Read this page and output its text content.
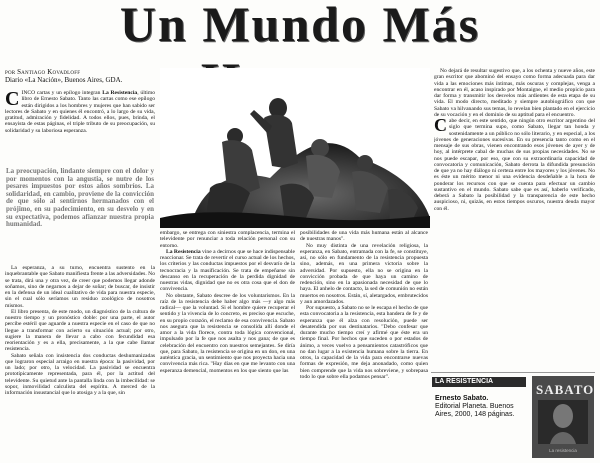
Un Mundo Más
por Santiago Kovadloff
Diario «La Nación», Buenos Aires, GDA.

CINCO cartas y un epílogo integran La Resistencia, último libro de Ernesto Sabato. Tanto las cartas como ese epílogo están dirigidos a los hombres y mujeres que han sabido ser lectores de Sabato y en quienes él encontró, a lo largo de su vida, gratitud, admiración y fidelidad. A todos ellos, pues, brinda, el ensayista de estas páginas, el triple tributo de su preocupación, su solidaridad y su laboriosa esperanza.

La preocupación, lindante siempre con el dolor y por momentos con la angustia, se nutre de los pesares impuestos por estos años sombríos. La solidaridad, en cambio, proviene de la convicción de que sólo al sentirnos hermanados con el prójimo, en su padecimiento, en su desvelo y en su expectativa, podemos afianzar nuestra propia humanidad.

La esperanza, a su turno, encuentra sustento en la inquebrantable que Sabato manifiesta frente a las adversidades. No se trata, dirá una y otra vez, de creer que podemos llegar adonde soñamos, sino de negarnos a dejar de soñar; de buscar, de insistir en la defensa de un ideal cualitativo de vida para nuestra especie, sin el cual sólo seríamos un residuo zoológico de nosotros mismos.

El libro presenta, de este modo, un diagnóstico de la cultura de nuestro tiempo y un pronóstico doble: por una parte, el autor percibe estéril que aguarde a nuestra especie en el caso de que no llegue a transformar con acierto su situación actual; por otro, sugiere la manera de llevar a cabo con fecundidad esa reorientación y es a ella, precisamente, a la que cabe llamar resistencia.

Sabato señala con insistencia dos conductas deshumanizadas que lograron especial arraigo en nuestra época: la pasividad, por un lado; por otro, la velocidad. La pasividad se encuentra prototípicamente representada, para él, por la actitud del televidente. Su quietud ante la pantalla linda con la imbecilidad: se sopor, inmovilidad calculista del espíritu. A merced de la información insustancial que lo atosiga y a la que, sin

embargo, se entrega con siniestra complacencia, termina el televidente por renunciar a toda relación personal con su entorno.

La Resistencia vine a decirnos que se hace indispensable reaccionar. Se trata de revertir el curso actual de los hechos, los criterios y las conductas impuestos por el desvarío de la tecnocracia y la masificación. Se trata de empeñarse sin descanso en la recuperación de la perdida dignidad de nuestras vidas, dignidad que no es otra cosa que el don de convivencia.

No obstante, Sabato descree de los voluntarismos. En la raíz de la resistencia debe haber algo más —y algo más radical— que la voluntad. Si el hombre quiere recuperar el sentido y la vivencia de lo concreto, es preciso que escuche, en su propio corazón, el reclamo de esa convivencia. Sabato nos asegura que la resistencia se consolida allí donde el amor a la vida florece, contra toda lógica convencional, impulsado por la fe que nos asalta y nos gana; de que es celebración del encuentro con nuestros semejantes. Se diría que, para Sabato, la resistencia se origina en un don, en una auténtica gracia, un sentimiento que nos proyecta hacia una convivencia más rica. "Hay días en que me levanto con una esperanza demencial, momentos en los que siento que las

posibilidades de una vida más humana están al alcance de nuestras manos".

No muy distinta de una revelación religiosa, la esperanza, en Sabato, entramada con la fe, se constituye, así, no sólo en fundamento de la resistencia propuesta sino, además, en una primera victoria sobre la adversidad. Por supuesto, ella no se origina en la convicción probada de que haya un camino de redención, sino en la apasionada necesidad de que lo haya. El anhelo de contacto, la sed de comunión no están muertos en nosotros. Están, sí, aletargados, embrutecidos y aun amordazados.

Por supuesto, a Sabato no se le escapa el hecho de que esta convocatoria a la resistencia, esta bandera de fe y de esperanza que él alza con resolución, puede ser desatendida por sus destinatarios. "Debo confesar que durante mucho tiempo creí y afirmé que éste era un tiempo final. Por hechos que suceden o por estados de ánimo, a veces vuelvo a pensamientos catastróficos que no dan lugar a la existencia humana sobre la tierra. En otros, la capacidad de la vida para encontrarse nuevas formas de expresión, me deja anonadado, como quien bien comprende que la vida nos sobreviene, y sobrepasa todo lo que sobre ella podamos pensar".

No dejará de resultar sugestivo que, a los ochenta y nueve años, este gran escritor que abominó del ensayo como forma adecuada para dar vida a las emociones más íntimas, más oscuras y complejas, venga a encontrar en él, acaso inspirado por Montaigne, el medio propicio para dar forma y transmitir los desvelos más ardientes de esta etapa de su vida. El modo directo, meditado y siempre autobiográfico con que Sabato va hilvanando sus temas, lo revelan bien plantado en el ejercicio de su vocación y en el dominio de su aptitud para el encuentro.

Cabe decir, en este sentido, que ningún otro escritor argentino del siglo que termina supo, como Sabato, llegar tan honda y sostenidamente a un público no sólo literario, y en especial, a los jóvenes de generaciones sucesivas. En su presencia tanto como en el mensaje de sus obras, vienen encontrando esos jóvenes de ayer y de hoy, al intérprete cabal de muchas de sus propias necesidades. No se nos puede escapar, por eso, que con su extraordinaria capacidad de convocatoria y comunicación, Sabato derrota la difundida presunción de que ya no hay diálogo ni certeza entre los mayores y los jóvenes. No es éste un mérito menor ni una evidencia desdeñable a la hora de ponderar los recursos con que se cuenta para efectuar un cambio sustantivo en el mundo. Sabato sabe que es así, haberlo verificado, deberá a Sabato la posibilidad y la transparencia de este hecho auspicioso, ni, quizás, en estos tiempos oscuros, nuestra deuda mayor con él.

LA RESISTENCIA
Ernesto Sabato.
Editorial Planeta. Buenos Aires, 2000, 148 páginas.
SABATO
La resistencia
